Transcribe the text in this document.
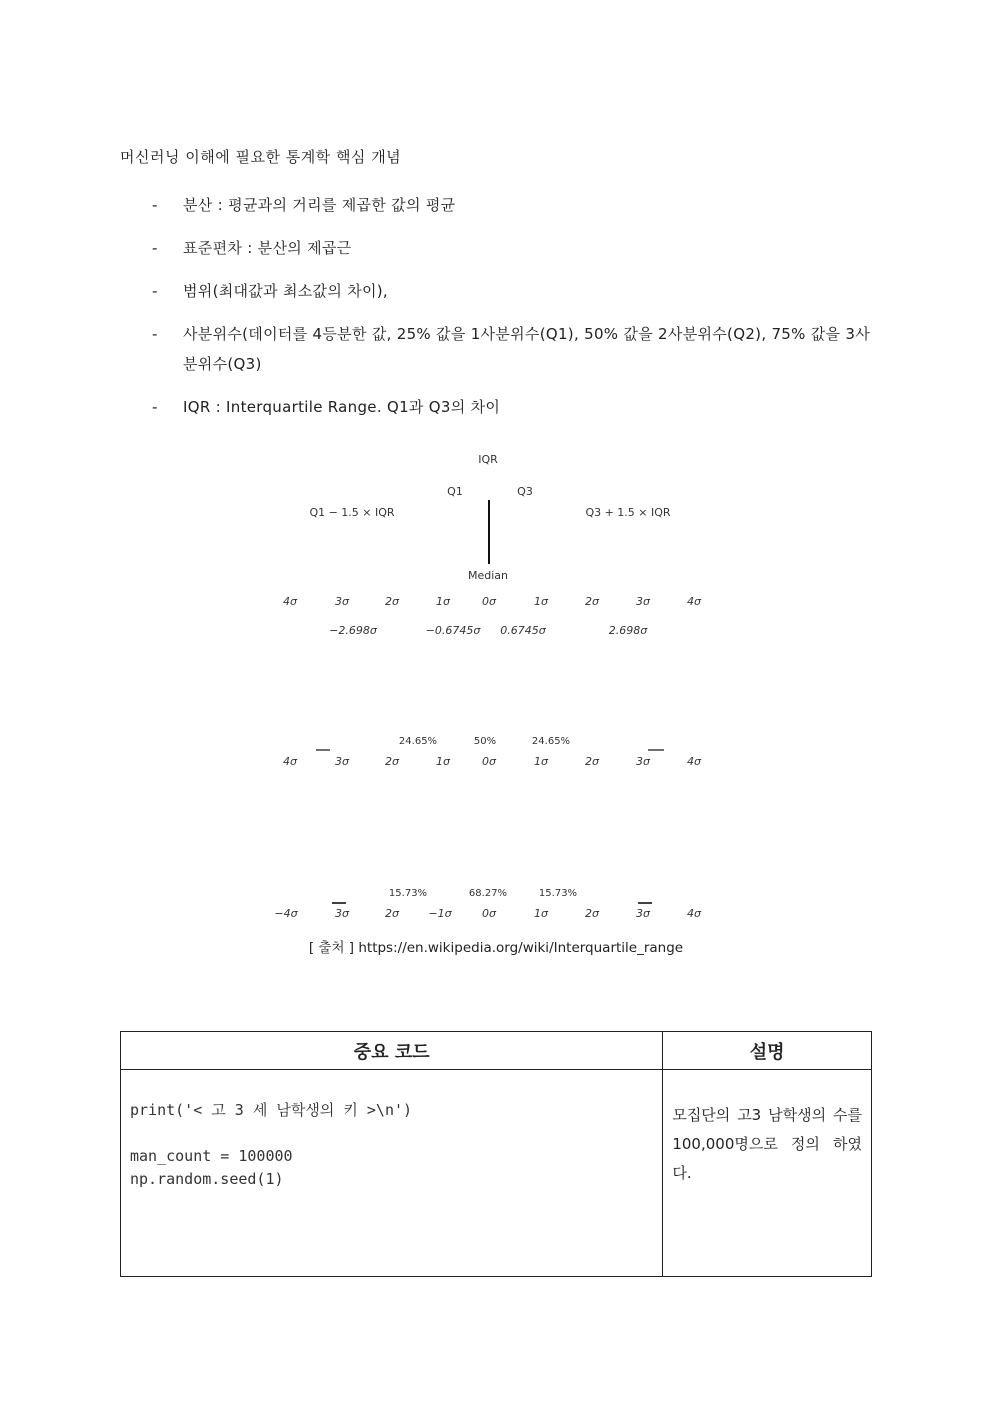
머신러닝 이해에 필요한 통계학 핵심 개념
- 분산 : 평균과의 거리를 제곱한 값의 평균
- 표준편차 : 분산의 제곱근
- 범위(최대값과 최소값의 차이),
- 사분위수(데이터를 4등분한 값, 25% 값을 1사분위수(Q1), 50% 값을 2사분위수(Q2), 75% 값을 3사분위수(Q3)
- IQR : Interquartile Range. Q1과 Q3의 차이
IQR
Q1	Q3
Q1 − 1.5 × IQR	Q3 + 1.5 × IQR
Median
4σ	3σ	2σ	1σ	0σ	1σ	2σ	3σ	4σ
−2.698σ	−0.6745σ 0.6745σ	2.698σ
24.65%	50%	24.65%
4σ	3σ	2σ	1σ	0σ	1σ	2σ	3σ	4σ
15.73%	68.27%	15.73%
−4σ	3σ	2σ	−1σ	0σ	1σ	2σ	3σ	4σ
[ 출처 ] https://en.wikipedia.org/wiki/Interquartile_range
중요 코드	설명

print('< 고 3 세 남학생의 키 >\n')
man_count = 100000
np.random.seed(1)	모집단의 고3 남학생의 수를 100,000명으로 정의 하였다.
